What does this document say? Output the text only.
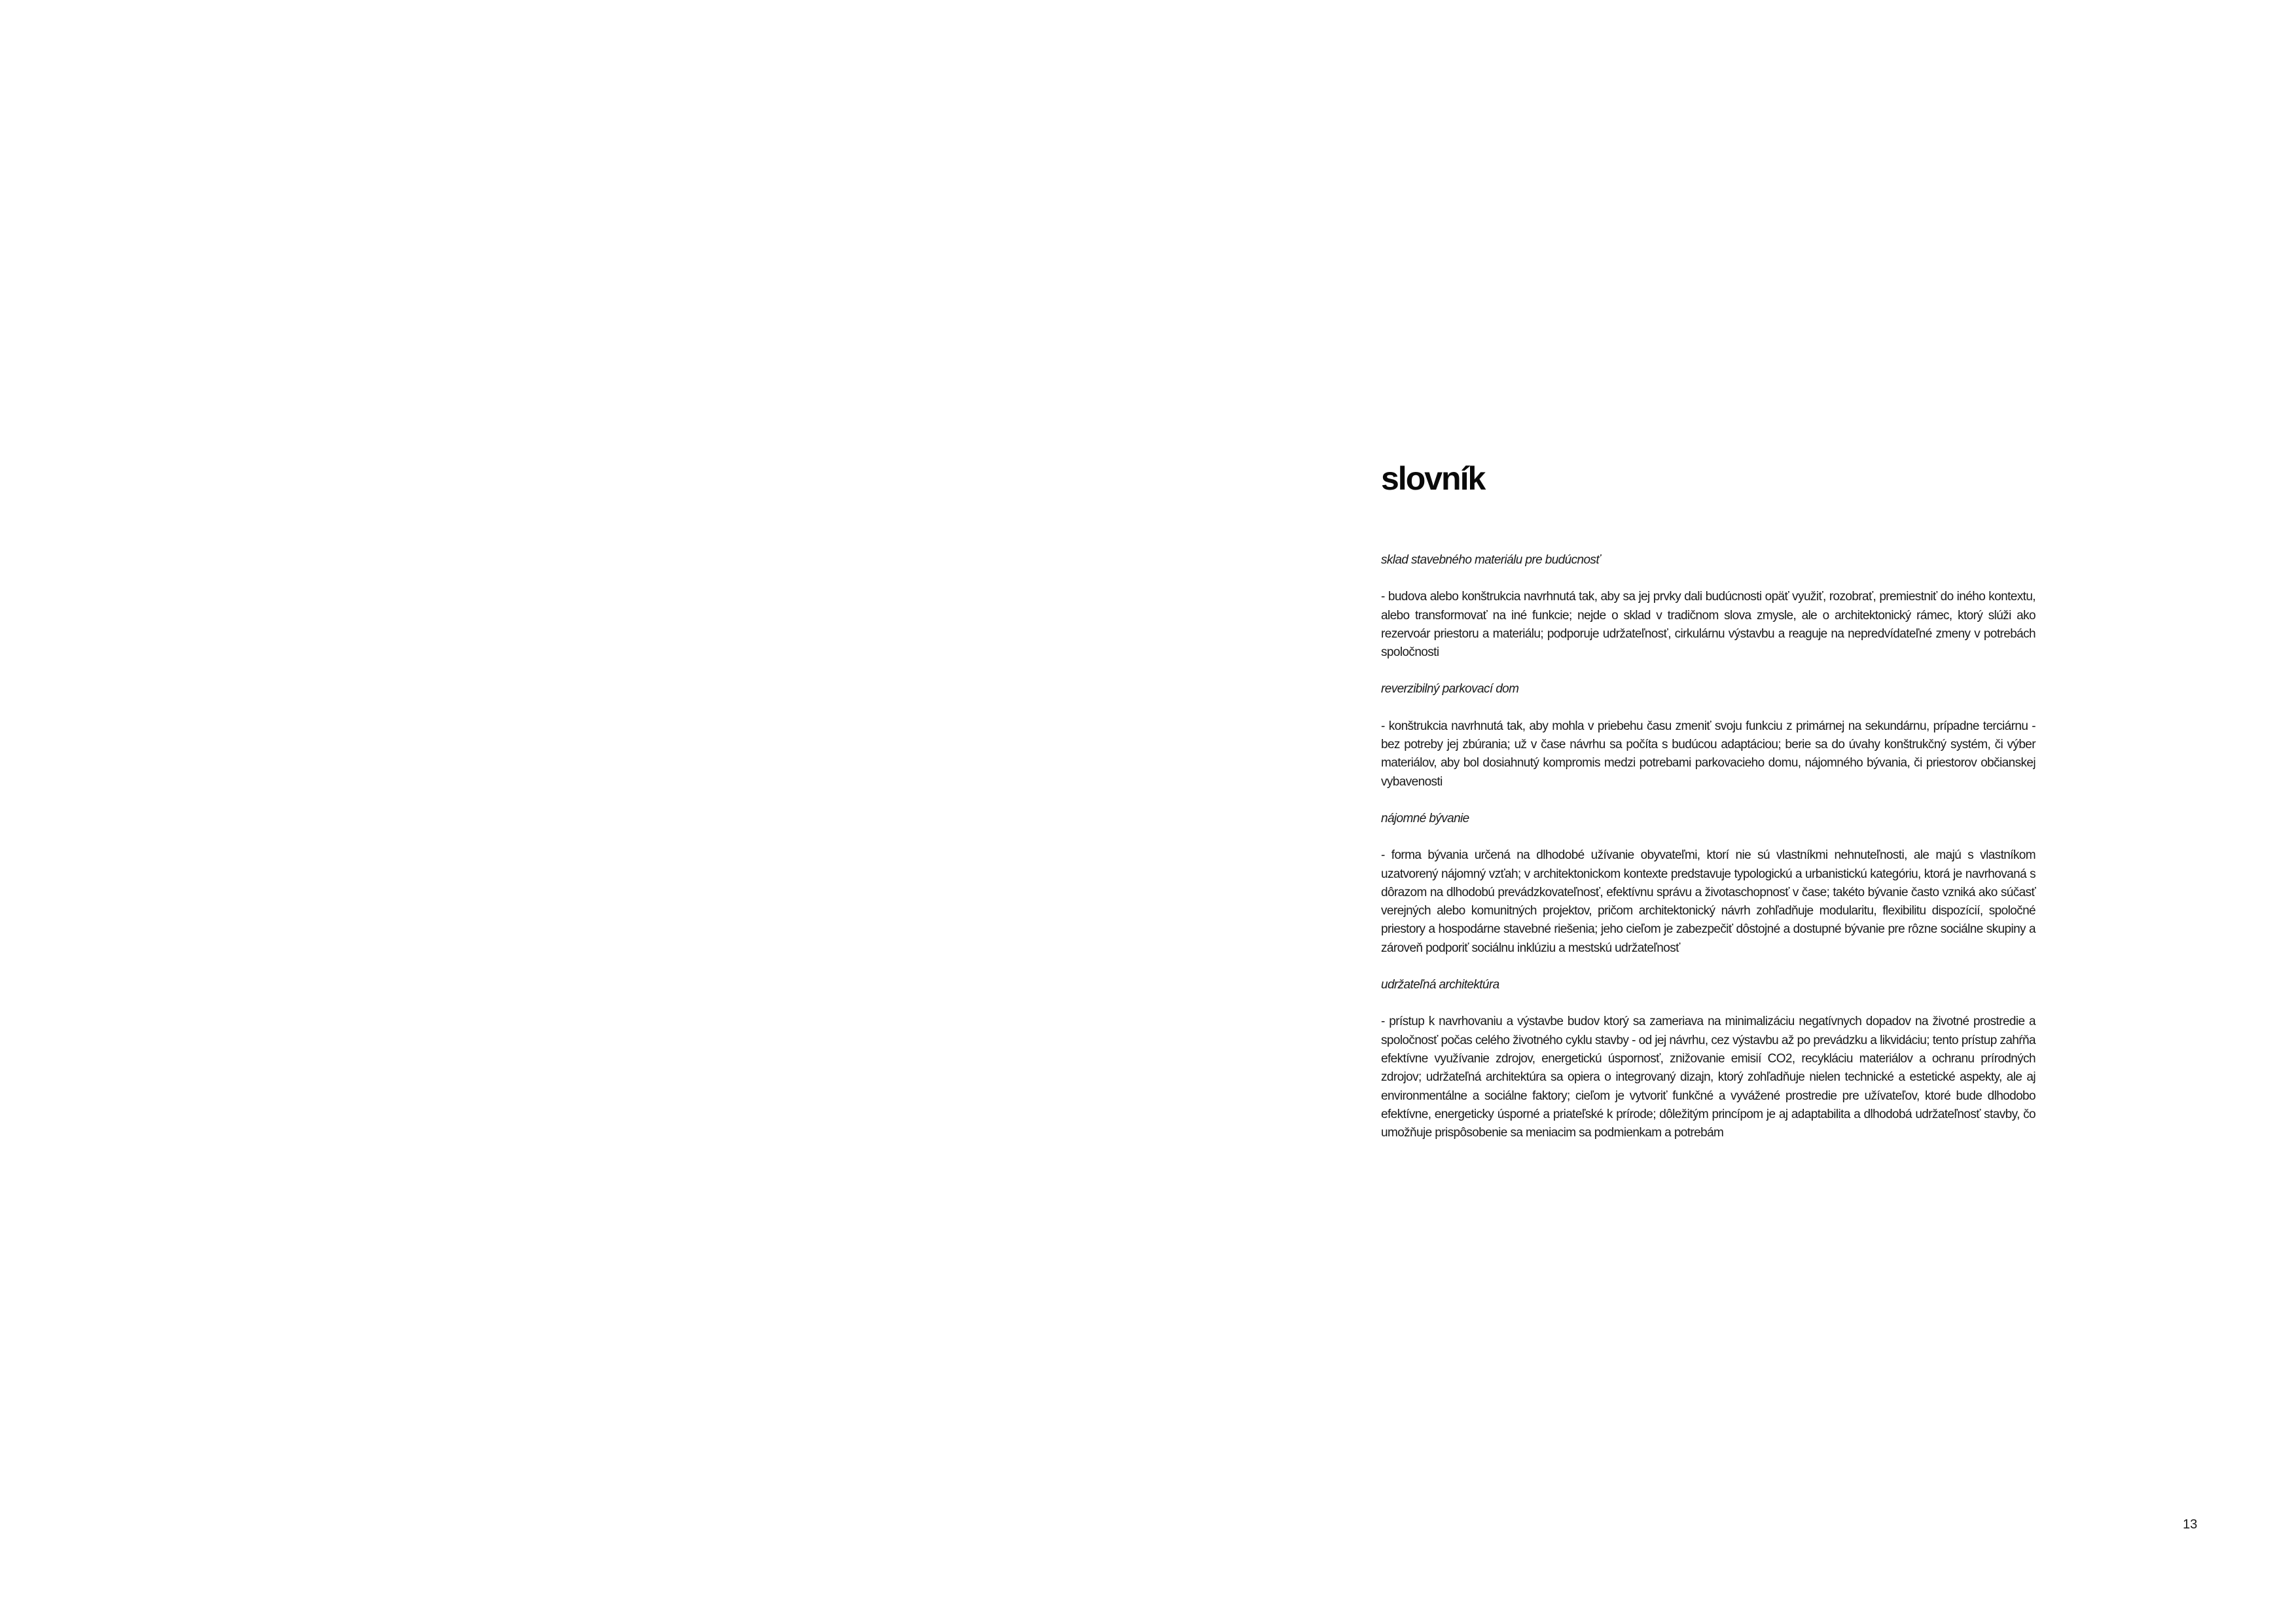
slovník

sklad stavebného materiálu pre budúcnosť

- budova alebo konštrukcia navrhnutá tak, aby sa jej prvky dali budúcnosti opäť využiť, rozobrať, premiestniť do iného kontextu, alebo transformovať na iné funkcie; nejde o sklad v tradičnom slova zmysle, ale o architektonický rámec, ktorý slúži ako rezervoár priestoru a materiálu; podporuje udržateľnosť, cirkulárnu výstavbu a reaguje na nepredvídateľné zmeny v potrebách spoločnosti

reverzibilný parkovací dom

- konštrukcia navrhnutá tak, aby mohla v priebehu času zmeniť svoju funkciu z primárnej na sekundárnu, prípadne terciárnu - bez potreby jej zbúrania; už v čase návrhu sa počíta s budúcou adaptáciou; berie sa do úvahy konštrukčný systém, či výber materiálov, aby bol dosiahnutý kompromis medzi potrebami parkovacieho domu, nájomného bývania, či priestorov občianskej vybavenosti

nájomné bývanie

- forma bývania určená na dlhodobé užívanie obyvateľmi, ktorí nie sú vlastníkmi nehnuteľnosti, ale majú s vlastníkom uzatvorený nájomný vzťah; v architektonickom kontexte predstavuje typologickú a urbanistickú kategóriu, ktorá je navrhovaná s dôrazom na dlhodobú prevádzkovateľnosť, efektívnu správu a životaschopnosť v čase; takéto bývanie často vzniká ako súčasť verejných alebo komunitných projektov, pričom architektonický návrh zohľadňuje modularitu, flexibilitu dispozícií, spoločné priestory a hospodárne stavebné riešenia; jeho cieľom je zabezpečiť dôstojné a dostupné bývanie pre rôzne sociálne skupiny a zároveň podporiť sociálnu inklúziu a mestskú udržateľnosť

udržateľná architektúra

- prístup k navrhovaniu a výstavbe budov ktorý sa zameriava na minimalizáciu negatívnych dopadov na životné prostredie a spoločnosť počas celého životného cyklu stavby - od jej návrhu, cez výstavbu až po prevádzku a likvidáciu; tento prístup zahŕňa efektívne využívanie zdrojov, energetickú úspornosť, znižovanie emisií CO2, recykláciu materiálov a ochranu prírodných zdrojov; udržateľná architektúra sa opiera o integrovaný dizajn, ktorý zohľadňuje nielen technické a estetické aspekty, ale aj environmentálne a sociálne faktory; cieľom je vytvoriť funkčné a vyvážené prostredie pre užívateľov, ktoré bude dlhodobo efektívne, energeticky úsporné a priateľské k prírode; dôležitým princípom je aj adaptabilita a dlhodobá udržateľnosť stavby, čo umožňuje prispôsobenie sa meniacim sa podmienkam a potrebám

13
